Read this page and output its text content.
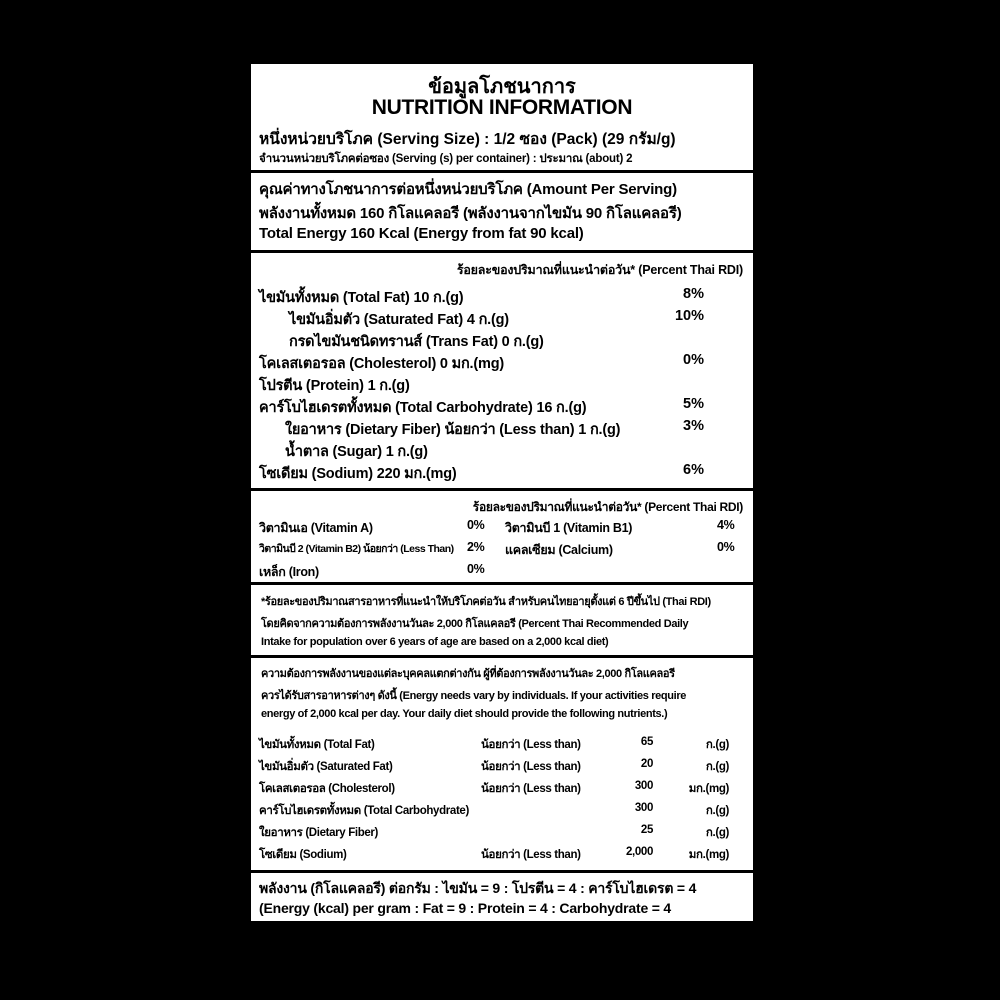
ข้อมูลโภชนาการ
NUTRITION INFORMATION
หนึ่งหน่วยบริโภค (Serving Size) : 1/2 ซอง (Pack) (29 กรัม/g)
จำนวนหน่วยบริโภคต่อซอง (Serving (s) per container) : ประมาณ (about) 2
คุณค่าทางโภชนาการต่อหนึ่งหน่วยบริโภค (Amount Per Serving)
พลังงานทั้งหมด 160 กิโลแคลอรี (พลังงานจากไขมัน 90 กิโลแคลอรี)
Total Energy 160 Kcal (Energy from fat 90 kcal)
ร้อยละของปริมาณที่แนะนำต่อวัน* (Percent Thai RDI)
ไขมันทั้งหมด (Total Fat) 10 ก.(g)	8%
ไขมันอิ่มตัว (Saturated Fat) 4 ก.(g)	10%
กรดไขมันชนิดทรานส์ (Trans Fat) 0 ก.(g)
โคเลสเตอรอล (Cholesterol) 0 มก.(mg)	0%
โปรตีน (Protein) 1 ก.(g)
คาร์โบไฮเดรตทั้งหมด (Total Carbohydrate) 16 ก.(g)	5%
ใยอาหาร (Dietary Fiber) น้อยกว่า (Less than) 1 ก.(g)	3%
น้ำตาล (Sugar) 1 ก.(g)
โซเดียม (Sodium) 220 มก.(mg)	6%
ร้อยละของปริมาณที่แนะนำต่อวัน* (Percent Thai RDI)
วิตามินเอ (Vitamin A)	0% วิตามินบี 1 (Vitamin B1)	4%
วิตามินบี 2 (Vitamin B2) น้อยกว่า (Less Than) 2% แคลเซียม (Calcium)	0%
เหล็ก (Iron)	0%
*ร้อยละของปริมาณสารอาหารที่แนะนำให้บริโภคต่อวัน สำหรับคนไทยอายุตั้งแต่ 6 ปีขึ้นไป (Thai RDI)
โดยคิดจากความต้องการพลังงานวันละ 2,000 กิโลแคลอรี (Percent Thai Recommended Daily
Intake for population over 6 years of age are based on a 2,000 kcal diet)
ความต้องการพลังงานของแต่ละบุคคลแตกต่างกัน ผู้ที่ต้องการพลังงานวันละ 2,000 กิโลแคลอรี
ควรได้รับสารอาหารต่างๆ ดังนี้ (Energy needs vary by individuals. If your activities require
energy of 2,000 kcal per day. Your daily diet should provide the following nutrients.)
ไขมันทั้งหมด (Total Fat)	น้อยกว่า (Less than)	65	ก.(g)
ไขมันอิ่มตัว (Saturated Fat)	น้อยกว่า (Less than)	20	ก.(g)
โคเลสเตอรอล (Cholesterol)	น้อยกว่า (Less than)	300	มก.(mg)
คาร์โบไฮเดรตทั้งหมด (Total Carbohydrate)	300	ก.(g)
ใยอาหาร (Dietary Fiber)	25	ก.(g)
โซเดียม (Sodium)	น้อยกว่า (Less than)	2,000	มก.(mg)
พลังงาน (กิโลแคลอรี) ต่อกรัม : ไขมัน = 9 : โปรตีน = 4 : คาร์โบไฮเดรต = 4
(Energy (kcal) per gram : Fat = 9 : Protein = 4 : Carbohydrate = 4
